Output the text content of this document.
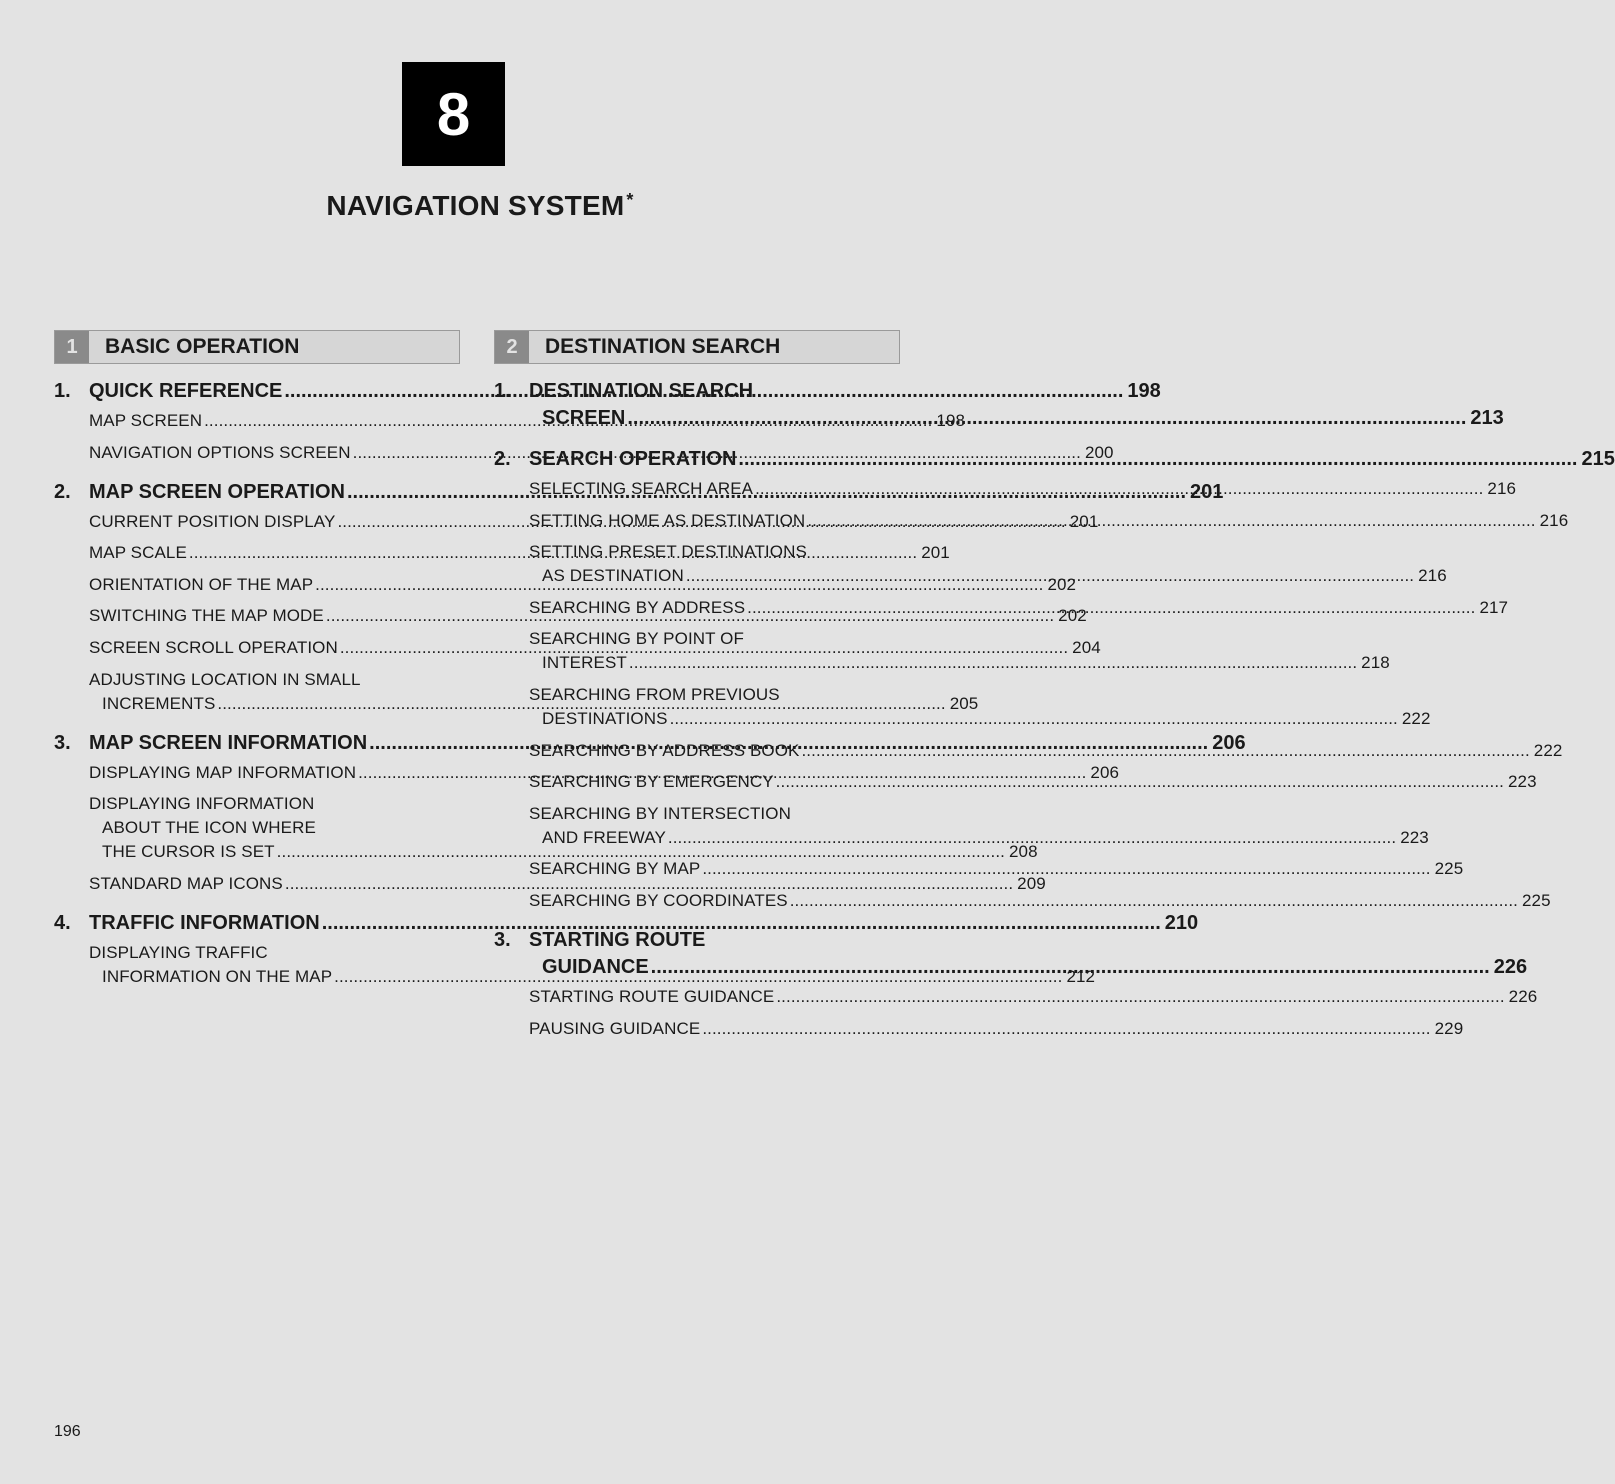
8
NAVIGATION SYSTEM *
1	BASIC OPERATION
1. QUICK REFERENCE .....	198
MAP SCREEN .....	198
NAVIGATION OPTIONS SCREEN .....	200
2. MAP SCREEN OPERATION .....	201
CURRENT POSITION DISPLAY .....	201
MAP SCALE .....	201
ORIENTATION OF THE MAP .....	202
SWITCHING THE MAP MODE .....	202
SCREEN SCROLL OPERATION .....	204
ADJUSTING LOCATION IN SMALL
INCREMENTS .....	205
3. MAP SCREEN INFORMATION .....	206
DISPLAYING MAP INFORMATION .....	206
DISPLAYING INFORMATION
ABOUT THE ICON WHERE
THE CURSOR IS SET .....	208
STANDARD MAP ICONS .....	209
4. TRAFFIC INFORMATION .....	210
DISPLAYING TRAFFIC
INFORMATION ON THE MAP .....	212
2	DESTINATION SEARCH
1. DESTINATION SEARCH
SCREEN .....	213
2. SEARCH OPERATION .....	215
SELECTING SEARCH AREA .....	216
SETTING HOME AS DESTINATION .....	216
SETTING PRESET DESTINATIONS
AS DESTINATION .....	216
SEARCHING BY ADDRESS .....	217
SEARCHING BY POINT OF
INTEREST .....	218
SEARCHING FROM PREVIOUS
DESTINATIONS .....	222
SEARCHING BY ADDRESS BOOK .....	222
SEARCHING BY EMERGENCY .....	223
SEARCHING BY INTERSECTION
AND FREEWAY .....	223
SEARCHING BY MAP .....	225
SEARCHING BY COORDINATES .....	225
3. STARTING ROUTE
GUIDANCE .....	226
STARTING ROUTE GUIDANCE .....	226
PAUSING GUIDANCE .....	229
196
